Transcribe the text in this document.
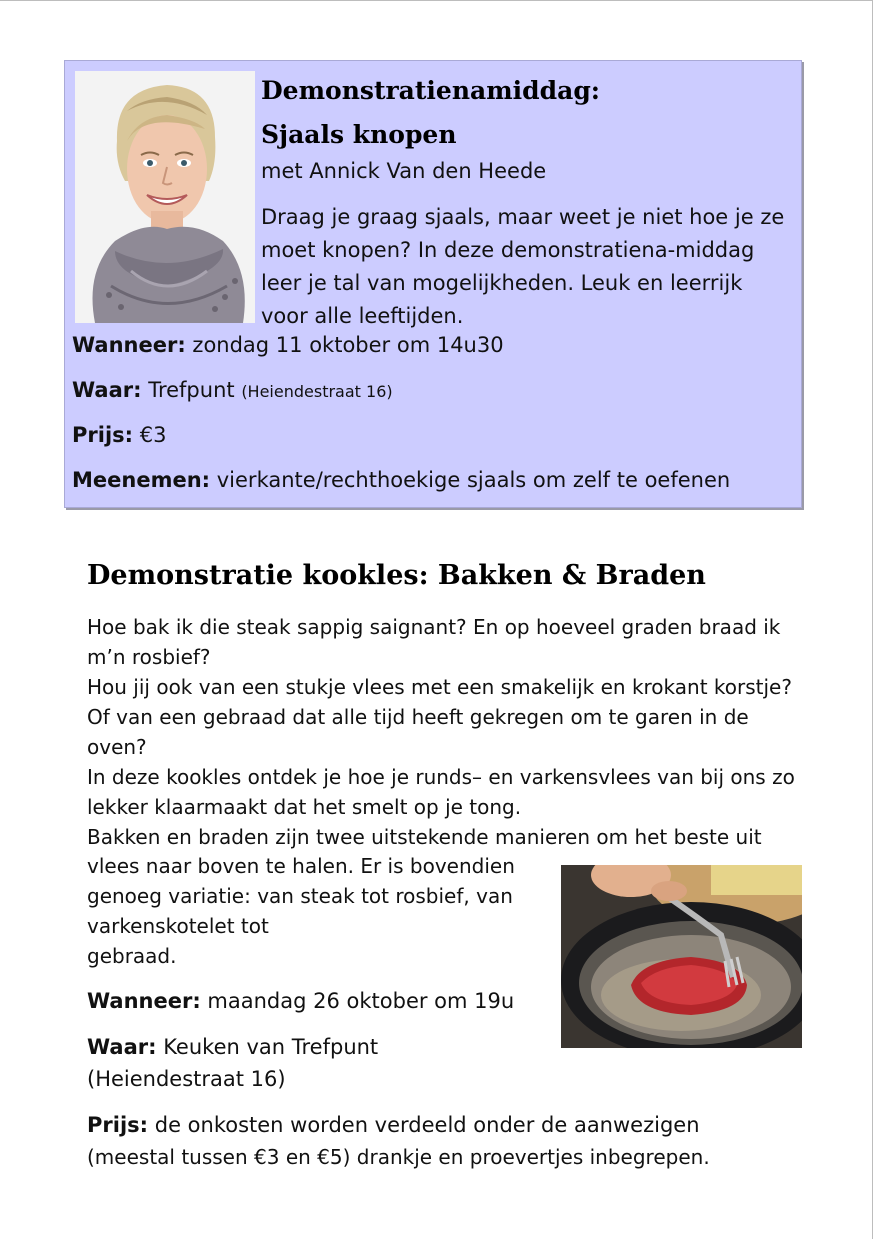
Demonstratienamiddag:
Sjaals knopen
met Annick Van den Heede
Draag je graag sjaals, maar weet je niet hoe je ze moet knopen? In deze demonstratiena-middag leer je tal van mogelijkheden. Leuk en leerrijk voor alle leeftijden.

Wanneer: zondag 11 oktober om 14u30

Waar: Trefpunt (Heiendestraat 16)

Prijs: €3

Meenemen: vierkante/rechthoekige sjaals om zelf te oefenen

Demonstratie kookles: Bakken & Braden

Hoe bak ik die steak sappig saignant? En op hoeveel graden braad ik m’n rosbief?

Hou jij ook van een stukje vlees met een smakelijk en krokant korstje? Of van een gebraad dat alle tijd heeft gekregen om te garen in de oven?

In deze kookles ontdek je hoe je runds– en varkensvlees van bij ons zo lekker klaarmaakt dat het smelt op je tong.

Bakken en braden zijn twee uitstekende manieren om het beste uit

vlees naar boven te halen. Er is bovendien

genoeg variatie: van steak tot rosbief, van

varkenskotelet tot

gebraad.

Wanneer: maandag 26 oktober om 19u

Waar: Keuken van Trefpunt
(Heiendestraat 16)

Prijs: de onkosten worden verdeeld onder de aanwezigen
(meestal tussen €3 en €5) drankje en proevertjes inbegrepen.
